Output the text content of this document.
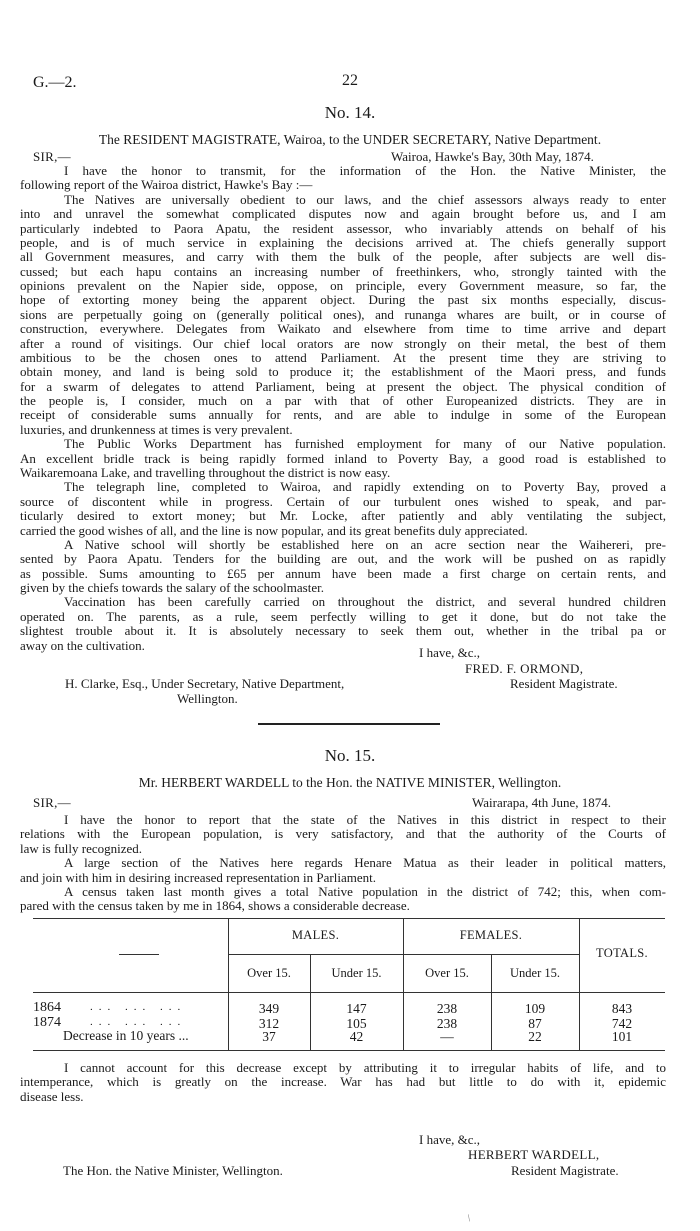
G.—2.	22
No. 14.
The RESIDENT MAGISTRATE, Wairoa, to the UNDER SECRETARY, Native Department.
SIR,—	Wairoa, Hawke's Bay, 30th May, 1874.
I have the honor to transmit, for the information of the Hon. the Native Minister, the
following report of the Wairoa district, Hawke's Bay :—
The Natives are universally obedient to our laws, and the chief assessors always ready to enter
into and unravel the somewhat complicated disputes now and again brought before us, and I am
particularly indebted to Paora Apatu, the resident assessor, who invariably attends on behalf of his
people, and is of much service in explaining the decisions arrived at. The chiefs generally support
all Government measures, and carry with them the bulk of the people, after subjects are well dis-
cussed; but each hapu contains an increasing number of freethinkers, who, strongly tainted with the
opinions prevalent on the Napier side, oppose, on principle, every Government measure, so far, the
hope of extorting money being the apparent object. During the past six months especially, discus-
sions are perpetually going on (generally political ones), and runanga whares are built, or in course of
construction, everywhere. Delegates from Waikato and elsewhere from time to time arrive and depart
after a round of visitings. Our chief local orators are now strongly on their metal, the best of them
ambitious to be the chosen ones to attend Parliament. At the present time they are striving to
obtain money, and land is being sold to produce it; the establishment of the Maori press, and funds
for a swarm of delegates to attend Parliament, being at present the object. The physical condition of
the people is, I consider, much on a par with that of other Europeanized districts. They are in
receipt of considerable sums annually for rents, and are able to indulge in some of the European
luxuries, and drunkenness at times is very prevalent.
The Public Works Department has furnished employment for many of our Native population.
An excellent bridle track is being rapidly formed inland to Poverty Bay, a good road is established to
Waikaremoana Lake, and travelling throughout the district is now easy.
The telegraph line, completed to Wairoa, and rapidly extending on to Poverty Bay, proved a
source of discontent while in progress. Certain of our turbulent ones wished to speak, and par-
ticularly desired to extort money; but Mr. Locke, after patiently and ably ventilating the subject,
carried the good wishes of all, and the line is now popular, and its great benefits duly appreciated.
A Native school will shortly be established here on an acre section near the Waihereri, pre-
sented by Paora Apatu. Tenders for the building are out, and the work will be pushed on as rapidly
as possible. Sums amounting to £65 per annum have been made a first charge on certain rents, and
given by the chiefs towards the salary of the schoolmaster.
Vaccination has been carefully carried on throughout the district, and several hundred children
operated on. The parents, as a rule, seem perfectly willing to get it done, but do not take the
slightest trouble about it. It is absolutely necessary to seek them out, whether in the tribal pa or
away on the cultivation.	I have, &c.,
FRED. F. ORMOND,
H. Clarke, Esq., Under Secretary, Native Department,	Resident Magistrate.
Wellington.
No. 15.
Mr. HERBERT WARDELL to the Hon. the NATIVE MINISTER, Wellington.
SIR,—	Wairarapa, 4th June, 1874.
I have the honor to report that the state of the Natives in this district in respect to their
relations with the European population, is very satisfactory, and that the authority of the Courts of
law is fully recognized.
A large section of the Natives here regards Henare Matua as their leader in political matters,
and join with him in desiring increased representation in Parliament.
A census taken last month gives a total Native population in the district of 742; this, when com-
pared with the census taken by me in 1864, shows a considerable decrease.
MALES.	FEMALES.
TOTALS.
Over 15.	Under 15.	Over 15.	Under 15.
1864	... ... ...	349	147	238	109	843
1874	... ... ...	312	105	238	87	742
Decrease in 10 years ...	37	42	—	22	101
I cannot account for this decrease except by attributing it to irregular habits of life, and to
intemperance, which is greatly on the increase. War has had but little to do with it, epidemic
disease less.
I have, &c.,
HERBERT WARDELL,
The Hon. the Native Minister, Wellington.	Resident Magistrate.
/
